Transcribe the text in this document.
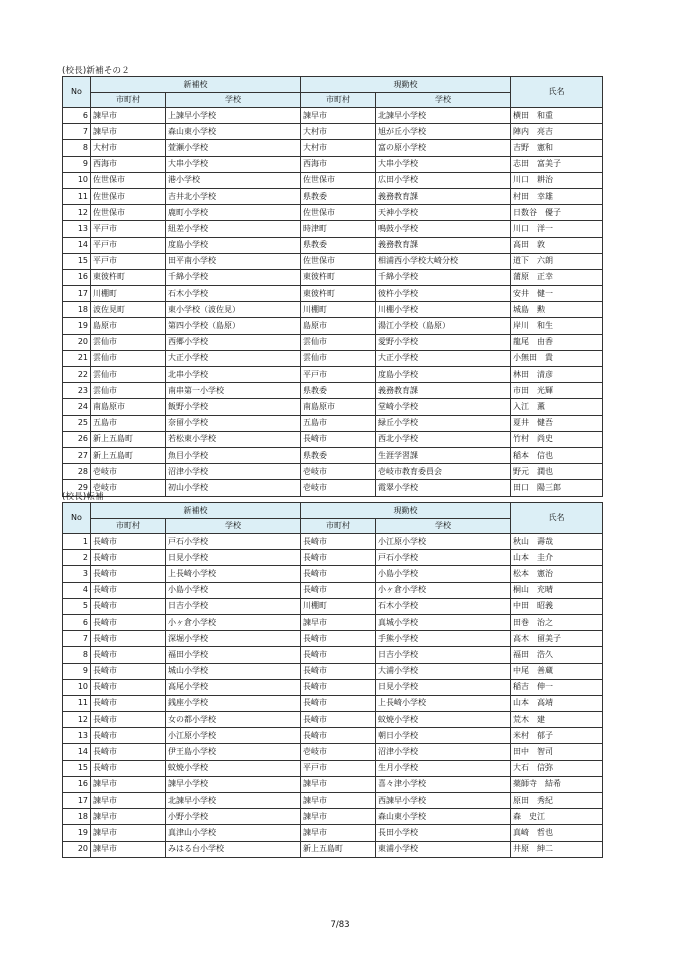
(校長)新補その２
No	新補校		現勤校		氏名
	市町村	学校	市町村	学校	
6	諫早市	上諫早小学校	諫早市	北諫早小学校	横田　和重
7	諫早市	森山東小学校	大村市	旭が丘小学校	陣内　亮吉
8	大村市	萱瀬小学校	大村市	富の原小学校	吉野　憲和
9	西海市	大串小学校	西海市	大串小学校	志田　富美子
10	佐世保市	港小学校	佐世保市	広田小学校	川口　耕治
11	佐世保市	吉井北小学校	県教委	義務教育課	村田　幸雄
12	佐世保市	鹿町小学校	佐世保市	天神小学校	日数谷　優子
13	平戸市	紐差小学校	時津町	鳴鼓小学校	川口　洋一
14	平戸市	度島小学校	県教委	義務教育課	高田　敦
15	平戸市	田平南小学校	佐世保市	相浦西小学校大崎分校	道下　六朗
16	東彼杵町	千綿小学校	東彼杵町	千綿小学校	蒲原　正幸
17	川棚町	石木小学校	東彼杵町	彼杵小学校	安井　健一
18	波佐見町	東小学校（波佐見）	川棚町	川棚小学校	城島　勲
19	島原市	第四小学校（島原）	島原市	湯江小学校（島原）	岸川　和生
20	雲仙市	西郷小学校	雲仙市	愛野小学校	龍尾　由香
21	雲仙市	大正小学校	雲仙市	大正小学校	小無田　貴
22	雲仙市	北串小学校	平戸市	度島小学校	林田　清彦
23	雲仙市	南串第一小学校	県教委	義務教育課	市田　光輝
24	南島原市	飯野小学校	南島原市	堂崎小学校	入江　薫
25	五島市	奈留小学校	五島市	緑丘小学校	夏井　健吾
26	新上五島町	若松東小学校	長崎市	西北小学校	竹村　尚史
27	新上五島町	魚目小学校	県教委	生涯学習課	稲本　信也
28	壱岐市	沼津小学校	壱岐市	壱岐市教育委員会	野元　潤也
29	壱岐市	初山小学校	壱岐市	霞翠小学校	田口　陽三郎
(校長)転補
No	新補校		現勤校		氏名
	市町村	学校	市町村	学校	
1	長崎市	戸石小学校	長崎市	小江原小学校	秋山　壽哉
2	長崎市	日見小学校	長崎市	戸石小学校	山本　圭介
3	長崎市	上長崎小学校	長崎市	小島小学校	松本　憲治
4	長崎市	小島小学校	長崎市	小ヶ倉小学校	桐山　充晴
5	長崎市	日吉小学校	川棚町	石木小学校	中田　昭義
6	長崎市	小ヶ倉小学校	諫早市	真城小学校	田巻　治之
7	長崎市	深堀小学校	長崎市	手熊小学校	高木　留美子
8	長崎市	福田小学校	長崎市	日吉小学校	福田　浩久
9	長崎市	城山小学校	長崎市	大浦小学校	中尾　善蔵
10	長崎市	高尾小学校	長崎市	日見小学校	稲吉　伸一
11	長崎市	銭座小学校	長崎市	上長崎小学校	山本　高靖
12	長崎市	女の都小学校	長崎市	蚊焼小学校	荒木　建
13	長崎市	小江原小学校	長崎市	朝日小学校	米村　郁子
14	長崎市	伊王島小学校	壱岐市	沼津小学校	田中　智司
15	長崎市	蚊焼小学校	平戸市	生月小学校	大石　信弥
16	諫早市	諫早小学校	諫早市	喜々津小学校	薬師寺　結希
17	諫早市	北諫早小学校	諫早市	西諫早小学校	原田　秀紀
18	諫早市	小野小学校	諫早市	森山東小学校	森　史江
19	諫早市	真津山小学校	諫早市	長田小学校	真崎　哲也
20	諫早市	みはる台小学校	新上五島町	東浦小学校	井原　紳二
7/83
